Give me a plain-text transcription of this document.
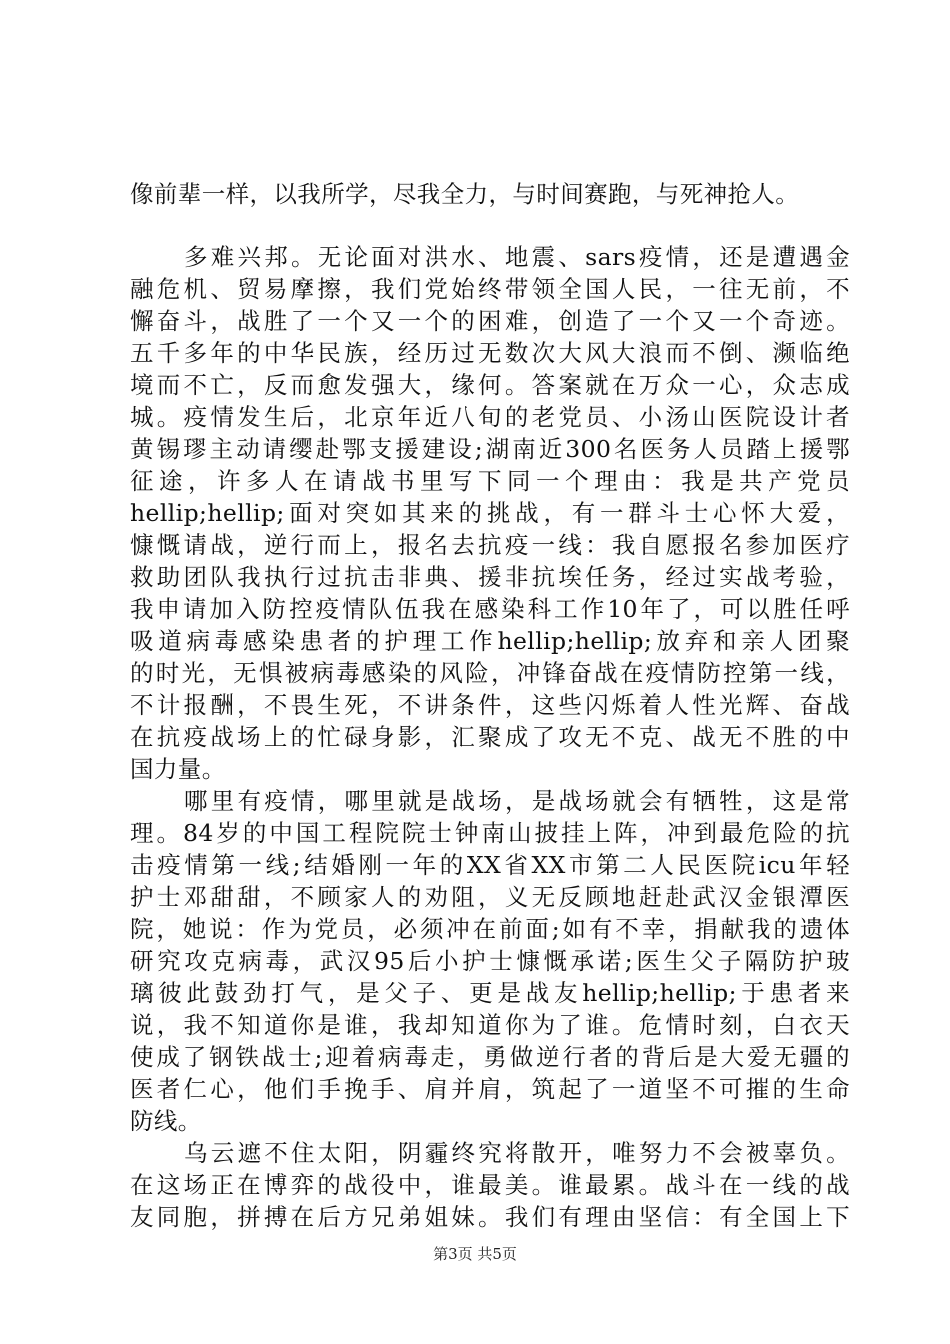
像前辈一样，以我所学，尽我全力，与时间赛跑，与死神抢人。
多难兴邦。无论面对洪水、地震、sars疫情，还是遭遇金
融危机、贸易摩擦，我们党始终带领全国人民，一往无前，不
懈奋斗，战胜了一个又一个的困难，创造了一个又一个奇迹。
五千多年的中华民族，经历过无数次大风大浪而不倒、濒临绝
境而不亡，反而愈发强大，缘何。答案就在万众一心，众志成
城。疫情发生后，北京年近八旬的老党员、小汤山医院设计者
黄锡璆主动请缨赴鄂支援建设;湖南近300名医务人员踏上援鄂
征途，许多人在请战书里写下同一个理由：我是共产党员
hellip;hellip;面对突如其来的挑战，有一群斗士心怀大爱，
慷慨请战，逆行而上，报名去抗疫一线：我自愿报名参加医疗
救助团队我执行过抗击非典、援非抗埃任务，经过实战考验，
我申请加入防控疫情队伍我在感染科工作10年了，可以胜任呼
吸道病毒感染患者的护理工作hellip;hellip;放弃和亲人团聚
的时光，无惧被病毒感染的风险，冲锋奋战在疫情防控第一线，
不计报酬，不畏生死，不讲条件，这些闪烁着人性光辉、奋战
在抗疫战场上的忙碌身影，汇聚成了攻无不克、战无不胜的中
国力量。
哪里有疫情，哪里就是战场，是战场就会有牺牲，这是常
理。84岁的中国工程院院士钟南山披挂上阵，冲到最危险的抗
击疫情第一线;结婚刚一年的XX省XX市第二人民医院icu年轻
护士邓甜甜，不顾家人的劝阻，义无反顾地赶赴武汉金银潭医
院，她说：作为党员，必须冲在前面;如有不幸，捐献我的遗体
研究攻克病毒，武汉95后小护士慷慨承诺;医生父子隔防护玻
璃彼此鼓劲打气，是父子、更是战友hellip;hellip;于患者来
说，我不知道你是谁，我却知道你为了谁。危情时刻，白衣天
使成了钢铁战士;迎着病毒走，勇做逆行者的背后是大爱无疆的
医者仁心，他们手挽手、肩并肩，筑起了一道坚不可摧的生命
防线。
乌云遮不住太阳，阴霾终究将散开，唯努力不会被辜负。
在这场正在博弈的战役中，谁最美。谁最累。战斗在一线的战
友同胞，拼搏在后方兄弟姐妹。我们有理由坚信：有全国上下
第3页 共5页
